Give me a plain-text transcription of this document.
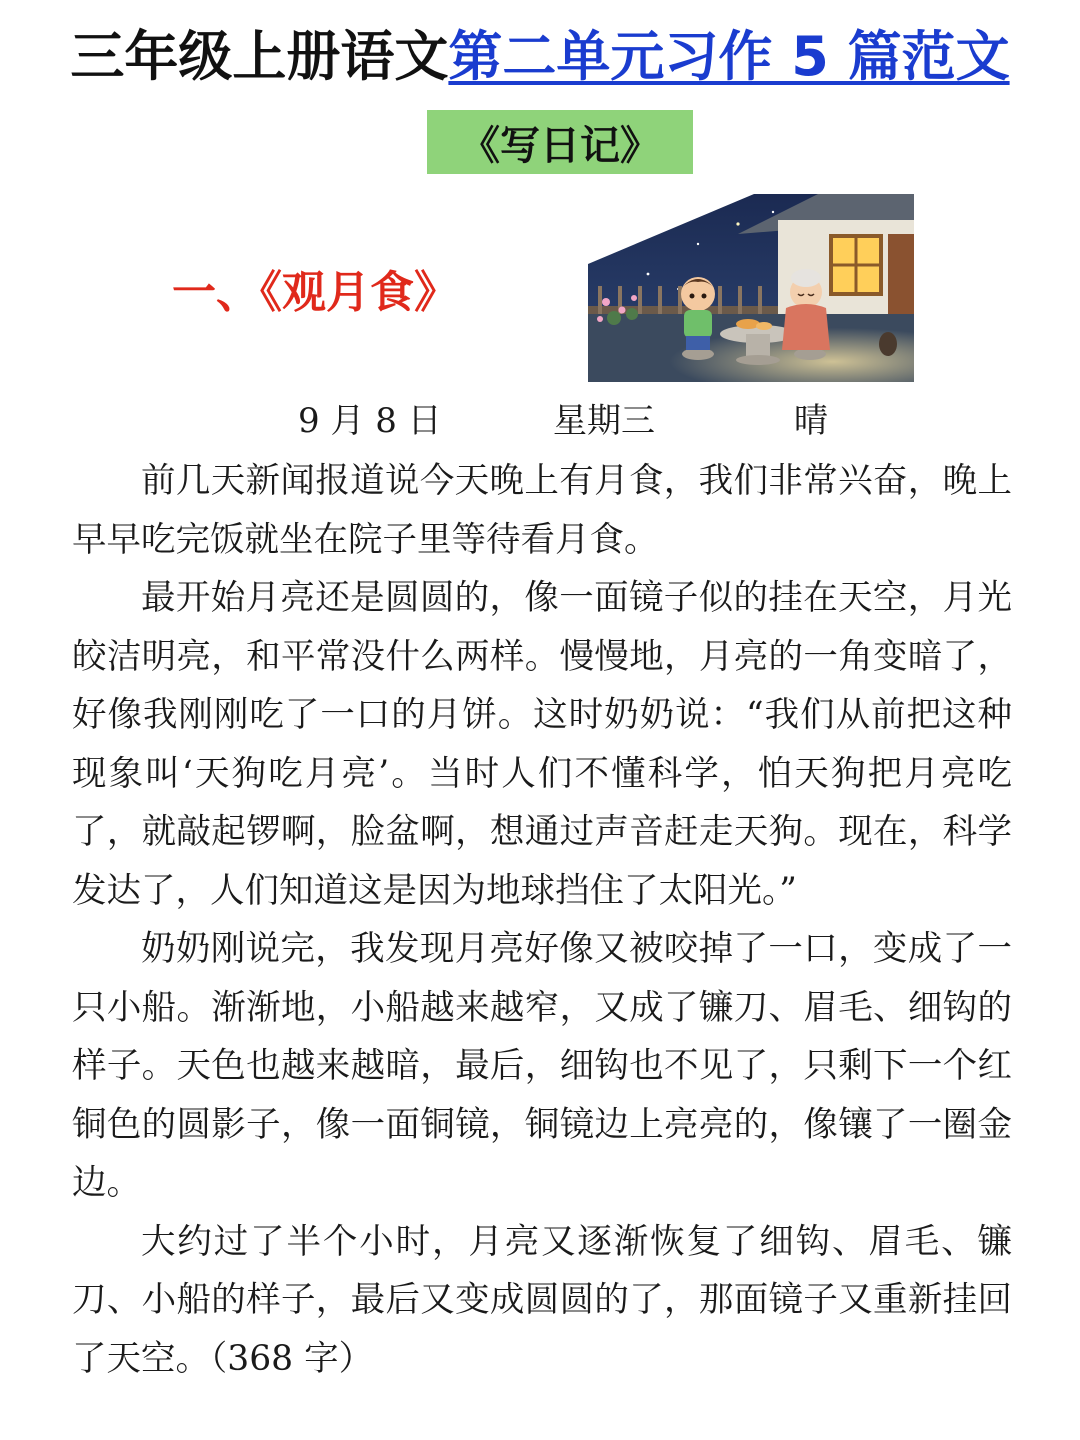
三年级上册语文第二单元习作 5 篇范文
《写日记》
一、《观月食》
9 月 8 日	星期三	晴

前几天新闻报道说今天晚上有月食，我们非常兴奋，晚上早早吃完饭就坐在院子里等待看月食。

最开始月亮还是圆圆的，像一面镜子似的挂在天空，月光皎洁明亮，和平常没什么两样。慢慢地，月亮的一角变暗了，好像我刚刚吃了一口的月饼。这时奶奶说：“我们从前把这种现象叫‘天狗吃月亮’。当时人们不懂科学，怕天狗把月亮吃了，就敲起锣啊，脸盆啊，想通过声音赶走天狗。现在，科学发达了，人们知道这是因为地球挡住了太阳光。”

奶奶刚说完，我发现月亮好像又被咬掉了一口，变成了一只小船。渐渐地，小船越来越窄，又成了镰刀、眉毛、细钩的样子。天色也越来越暗，最后，细钩也不见了，只剩下一个红铜色的圆影子，像一面铜镜，铜镜边上亮亮的，像镶了一圈金边。

大约过了半个小时，月亮又逐渐恢复了细钩、眉毛、镰刀、小船的样子，最后又变成圆圆的了，那面镜子又重新挂回了天空。（368 字）
